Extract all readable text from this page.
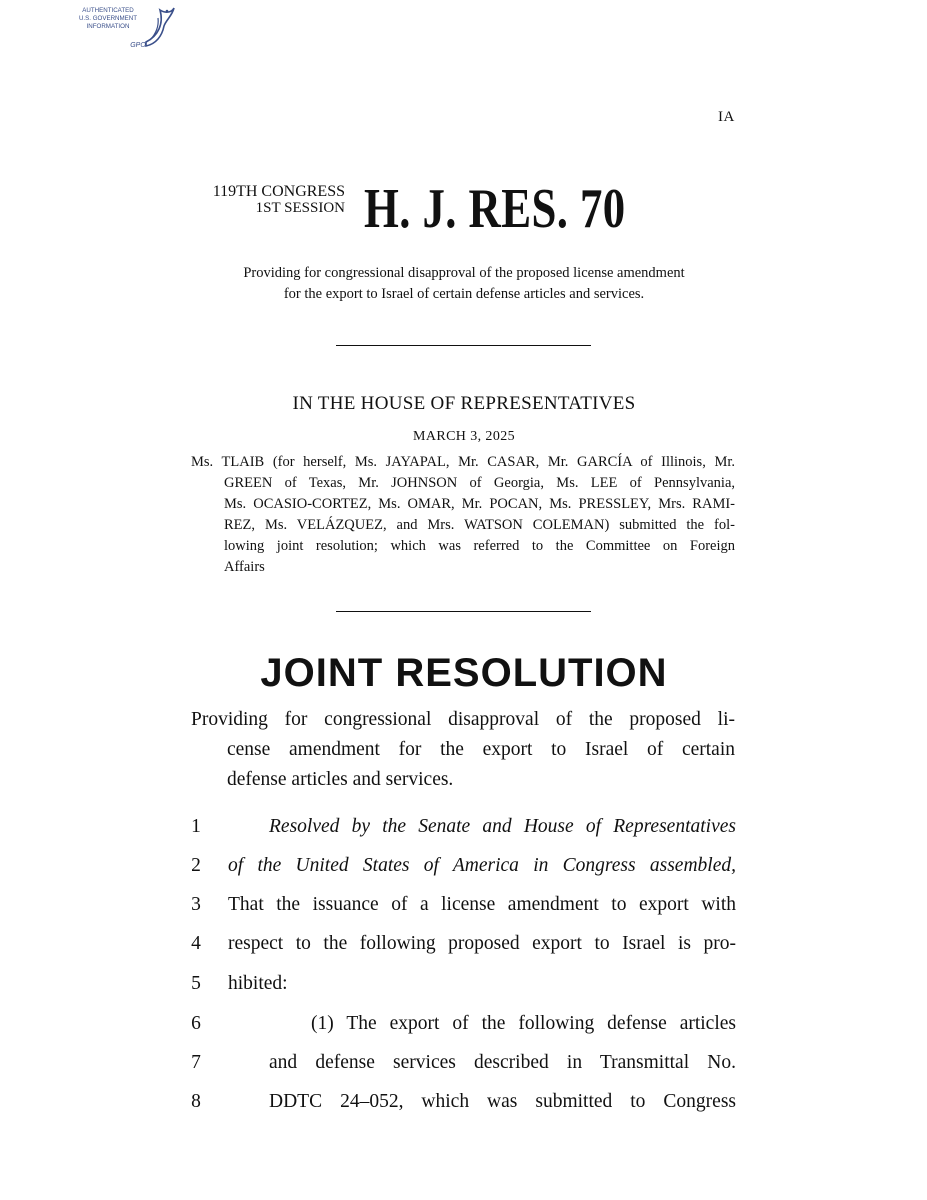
AUTHENTICATED
U.S. GOVERNMENT
INFORMATION
GPO
IA
119TH CONGRESS
1ST SESSION H. J. RES. 70
Providing for congressional disapproval of the proposed license amendment
for the export to Israel of certain defense articles and services.
IN THE HOUSE OF REPRESENTATIVES
MARCH 3, 2025
Ms. TLAIB (for herself, Ms. JAYAPAL, Mr. CASAR, Mr. GARCÍA of Illinois, Mr.
GREEN of Texas, Mr. JOHNSON of Georgia, Ms. LEE of Pennsylvania,
Ms. OCASIO-CORTEZ, Ms. OMAR, Mr. POCAN, Ms. PRESSLEY, Mrs. RAMI-
REZ, Ms. VELÁZQUEZ, and Mrs. WATSON COLEMAN) submitted the fol-
lowing joint resolution; which was referred to the Committee on Foreign
Affairs
JOINT RESOLUTION
Providing for congressional disapproval of the proposed li-
cense amendment for the export to Israel of certain
defense articles and services.
1	Resolved by the Senate and House of Representatives
2	of the United States of America in Congress assembled,
3	That the issuance of a license amendment to export with
4	respect to the following proposed export to Israel is pro-
5	hibited:
6	(1) The export of the following defense articles
7	and defense services described in Transmittal No.
8	DDTC 24–052, which was submitted to Congress
